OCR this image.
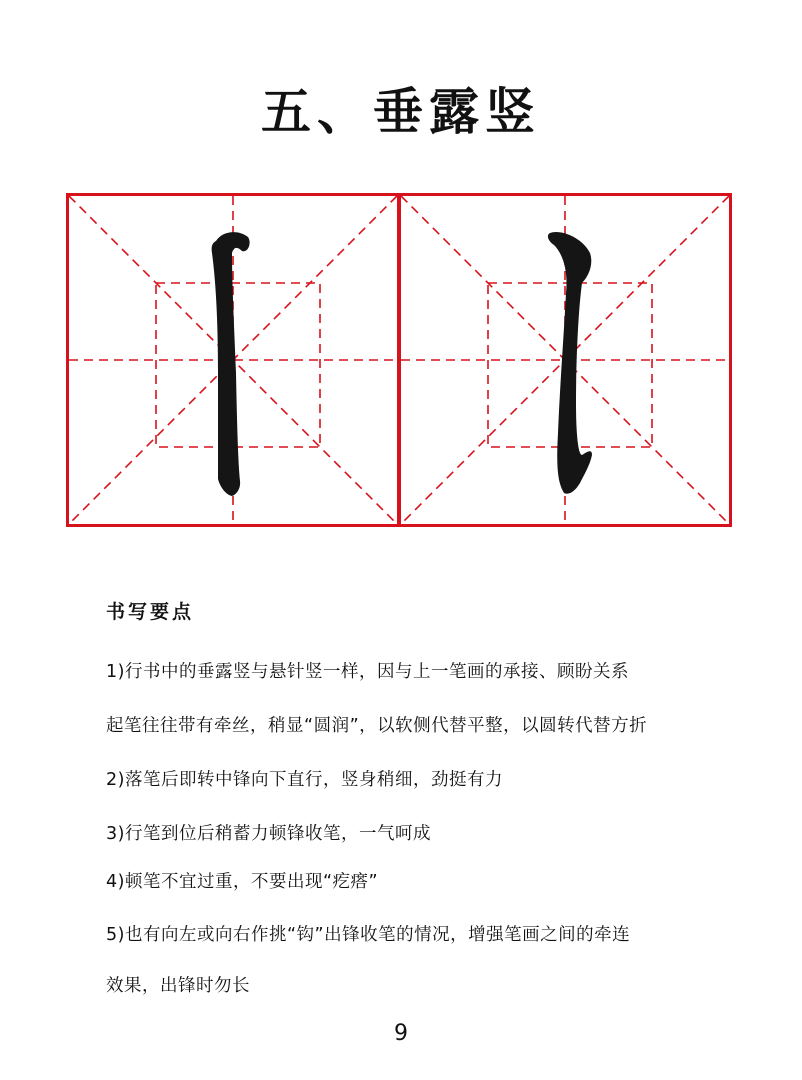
五、垂露竖
书写要点
1)行书中的垂露竖与悬针竖一样，因与上一笔画的承接、顾盼关系
起笔往往带有牵丝，稍显“圆润”，以软侧代替平整，以圆转代替方折
2)落笔后即转中锋向下直行，竖身稍细，劲挺有力
3)行笔到位后稍蓄力顿锋收笔，一气呵成
4)顿笔不宜过重，不要出现“疙瘩”
5)也有向左或向右作挑“钩”出锋收笔的情况，增强笔画之间的牵连
效果，出锋时勿长
9
